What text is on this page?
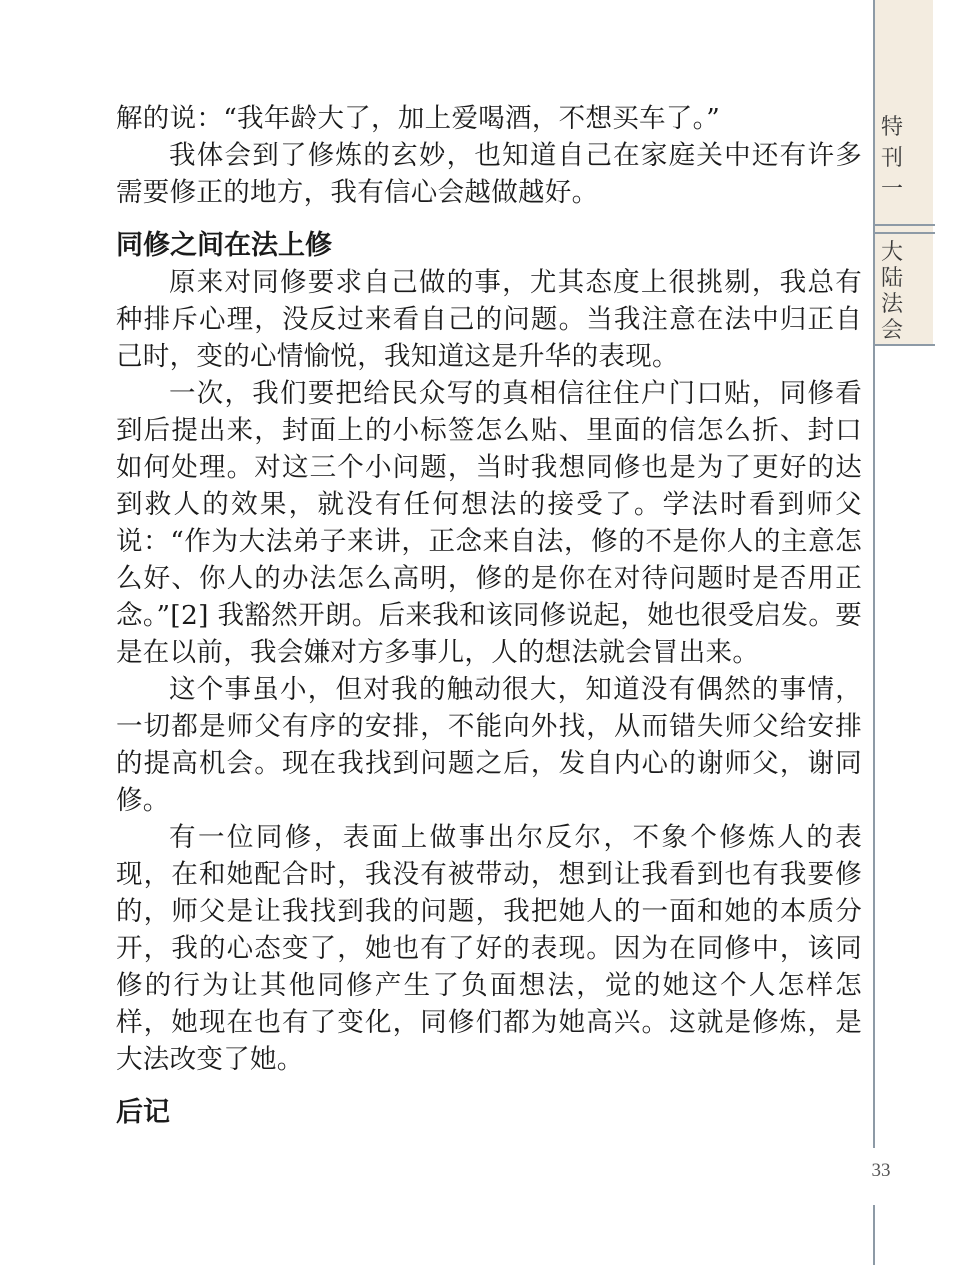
特
刊
一
大
陆
法
会
33

解的说：“我年龄大了，加上爱喝酒，不想买车了。”

我体会到了修炼的玄妙，也知道自己在家庭关中还有许多需要修正的地方，我有信心会越做越好。

同修之间在法上修

原来对同修要求自己做的事，尤其态度上很挑剔，我总有种排斥心理，没反过来看自己的问题。当我注意在法中归正自己时，变的心情愉悦，我知道这是升华的表现。

一次，我们要把给民众写的真相信往住户门口贴，同修看到后提出来，封面上的小标签怎么贴、里面的信怎么折、封口如何处理。对这三个小问题，当时我想同修也是为了更好的达到救人的效果，就没有任何想法的接受了。学法时看到师父说：“作为大法弟子来讲，正念来自法，修的不是你人的主意怎么好、你人的办法怎么高明，修的是你在对待问题时是否用正念。”[2] 我豁然开朗。后来我和该同修说起，她也很受启发。要是在以前，我会嫌对方多事儿，人的想法就会冒出来。

这个事虽小，但对我的触动很大，知道没有偶然的事情，一切都是师父有序的安排，不能向外找，从而错失师父给安排的提高机会。现在我找到问题之后，发自内心的谢师父，谢同修。

有一位同修，表面上做事出尔反尔，不象个修炼人的表现，在和她配合时，我没有被带动，想到让我看到也有我要修的，师父是让我找到我的问题，我把她人的一面和她的本质分开，我的心态变了，她也有了好的表现。因为在同修中，该同修的行为让其他同修产生了负面想法，觉的她这个人怎样怎样，她现在也有了变化，同修们都为她高兴。这就是修炼，是大法改变了她。

后记
